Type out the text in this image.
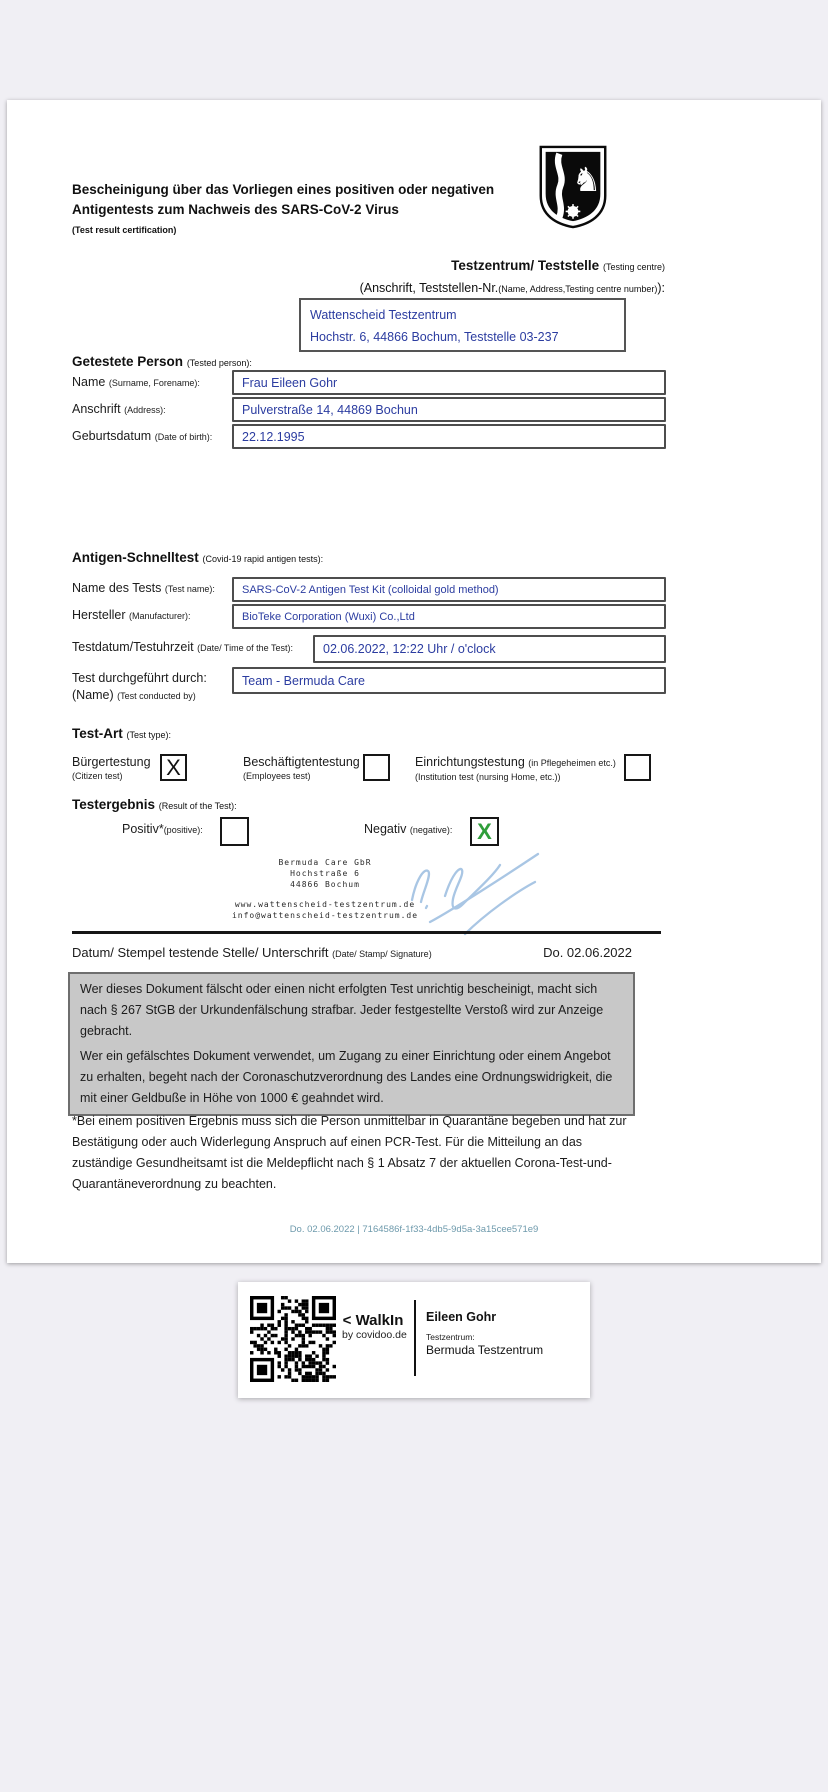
Bescheinigung über das Vorliegen eines positiven oder negativen
Antigentests zum Nachweis des SARS-CoV-2 Virus
(Test result certification)
♞
Testzentrum/ Teststelle (Testing centre)
(Anschrift, Teststellen-Nr.(Name, Address,Testing centre number)):
Wattenscheid Testzentrum
Hochstr. 6, 44866 Bochum, Teststelle 03-237
Getestete Person (Tested person):
Name (Surname, Forename):	Frau Eileen Gohr
Anschrift (Address):	Pulverstraße 14, 44869 Bochun
Geburtsdatum (Date of birth): 22.12.1995
Antigen-Schnelltest (Covid-19 rapid antigen tests):
Name des Tests (Test name): SARS-CoV-2 Antigen Test Kit (colloidal gold method)
Hersteller (Manufacturer):	BioTeke Corporation (Wuxi) Co.,Ltd
Testdatum/Testuhrzeit (Date/ Time of the Test): 02.06.2022, 12:22 Uhr / o'clock
Test durchgeführt durch:
(Name) (Test conducted by)
Team - Bermuda Care
Test-Art (Test type):
Bürgertestung
(Citizen test)	X	Beschäftigtentestung
(Employees test)
Einrichtungstestung (in Pflegeheimen etc.)
(Institution test (nursing Home, etc.))
Testergebnis (Result of the Test):
Positiv*(positive):	Negativ (negative): X
Bermuda Care GbR
Hochstraße 6
44866 Bochum
www.wattenscheid-testzentrum.de
info@wattenscheid-testzentrum.de
Datum/ Stempel testende Stelle/ Unterschrift (Date/ Stamp/ Signature)	Do. 02.06.2022

Wer dieses Dokument fälscht oder einen nicht erfolgten Test unrichtig bescheinigt, macht sich nach § 267 StGB der Urkundenfälschung strafbar. Jeder festgestellte Verstoß wird zur Anzeige gebracht.

Wer ein gefälschtes Dokument verwendet, um Zugang zu einer Einrichtung oder einem Angebot zu erhalten, begeht nach der Coronaschutzverordnung des Landes eine Ordnungswidrigkeit, die mit einer Geldbuße in Höhe von 1000 € geahndet wird.

*Bei einem positiven Ergebnis muss sich die Person unmittelbar in Quarantäne begeben und hat zur Bestätigung oder auch Widerlegung Anspruch auf einen PCR-Test. Für die Mitteilung an das zuständige Gesundheitsamt ist die Meldepflicht nach § 1 Absatz 7 der aktuellen Corona-Test-und-Quarantäneverordnung zu beachten.
Do. 02.06.2022 | 7164586f-1f33-4db5-9d5a-3a15cee571e9
< WalkIn
by covidoo.de
Eileen Gohr
Testzentrum:
Bermuda Testzentrum
